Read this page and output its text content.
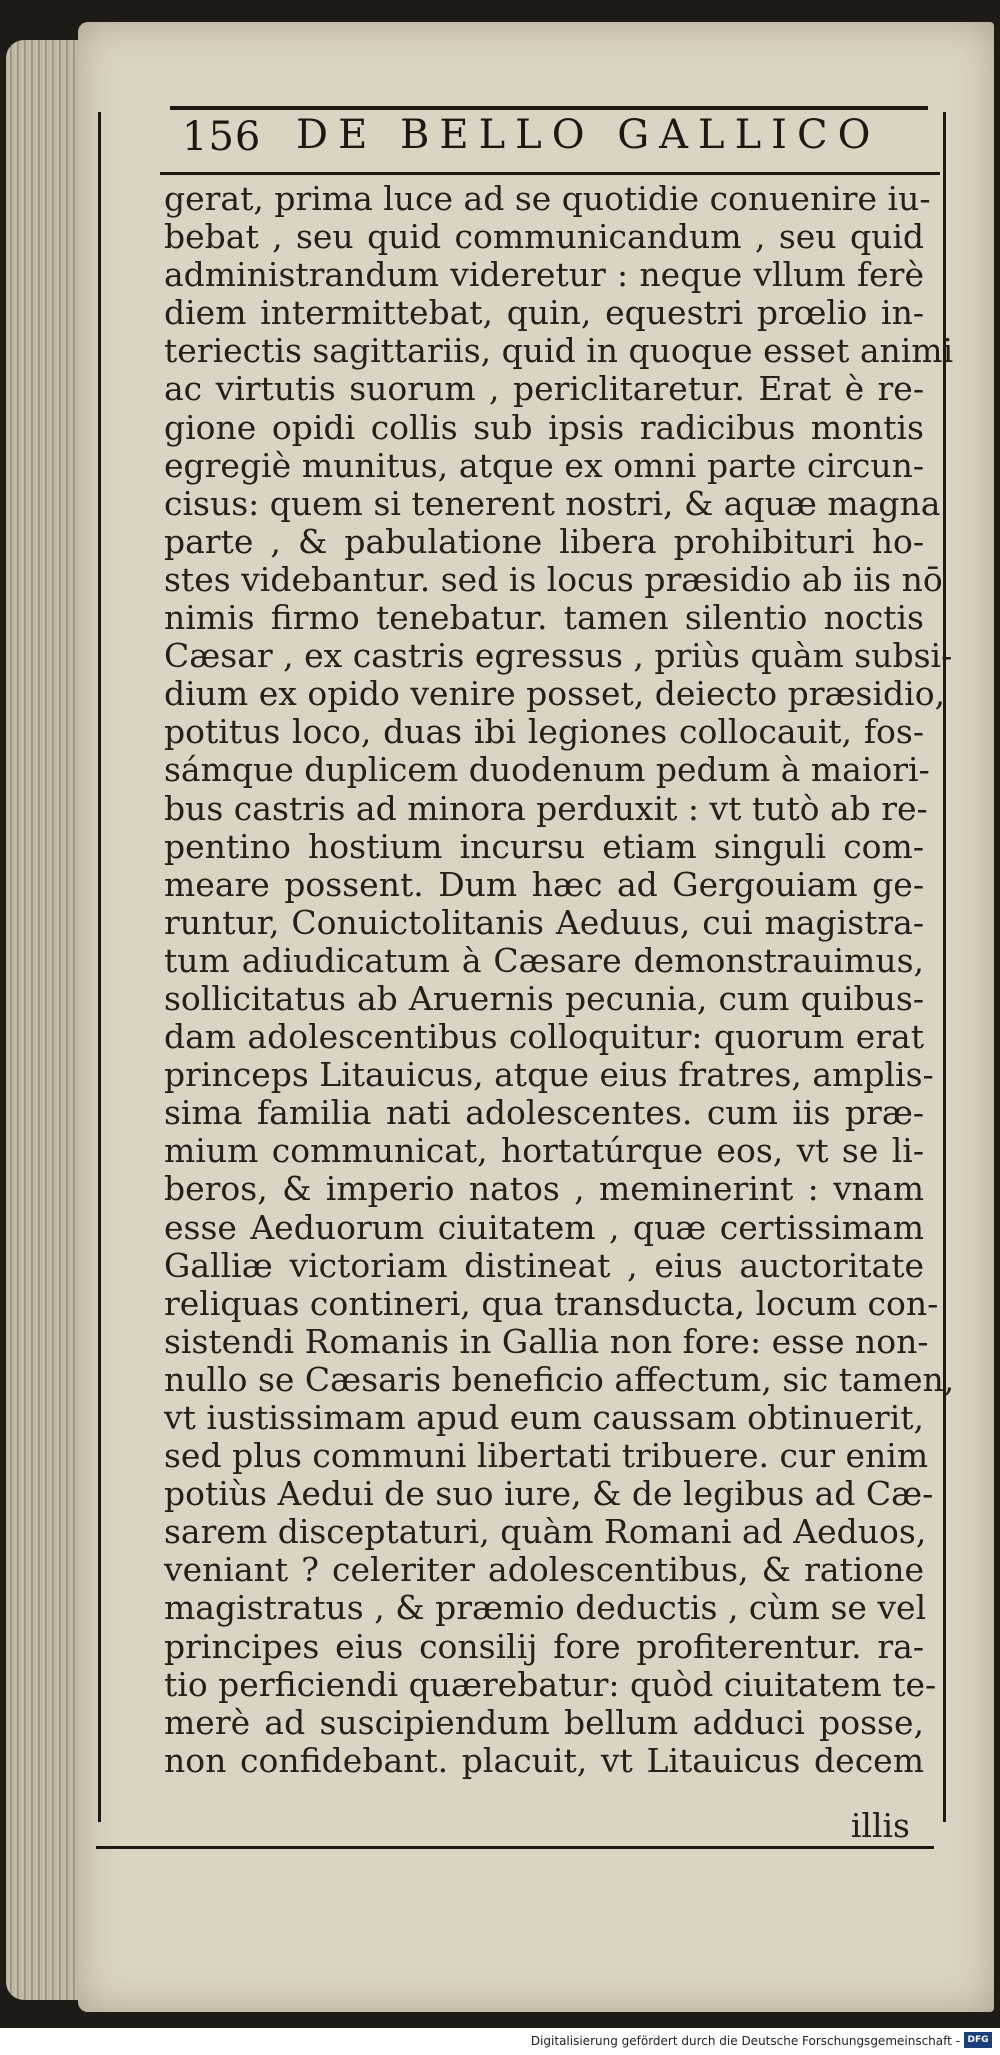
156 DE BELLO GALLICO
gerat, prima luce ad se quotidie conuenire iu-
bebat , seu quid communicandum , seu quid
administrandum videretur : neque vllum ferè
diem intermittebat, quin, equestri prœlio in-
teriectis sagittariis, quid in quoque esset animi
ac virtutis suorum , periclitaretur. Erat è re-
gione opidi collis sub ipsis radicibus montis
egregiè munitus, atque ex omni parte circun-
cisus: quem si tenerent nostri, & aquæ magna
parte , & pabulatione libera prohibituri ho-
stes videbantur. sed is locus præsidio ab iis nō
nimis firmo tenebatur. tamen silentio noctis
Cæsar , ex castris egressus , priùs quàm subsi-
dium ex opido venire posset, deiecto præsidio,
potitus loco, duas ibi legiones collocauit, fos-
sámque duplicem duodenum pedum à maiori-
bus castris ad minora perduxit : vt tutò ab re-
pentino hostium incursu etiam singuli com-
meare possent. Dum hæc ad Gergouiam ge-
runtur, Conuictolitanis Aeduus, cui magistra-
tum adiudicatum à Cæsare demonstrauimus,
sollicitatus ab Aruernis pecunia, cum quibus-
dam adolescentibus colloquitur: quorum erat
princeps Litauicus, atque eius fratres, amplis-
sima familia nati adolescentes. cum iis præ-
mium communicat, hortatúrque eos, vt se li-
beros, & imperio natos , meminerint : vnam
esse Aeduorum ciuitatem , quæ certissimam
Galliæ victoriam distineat , eius auctoritate
reliquas contineri, qua transducta, locum con-
sistendi Romanis in Gallia non fore: esse non-
nullo se Cæsaris beneficio affectum, sic tamen,
vt iustissimam apud eum caussam obtinuerit,
sed plus communi libertati tribuere. cur enim
potiùs Aedui de suo iure, & de legibus ad Cæ-
sarem disceptaturi, quàm Romani ad Aeduos,
veniant ? celeriter adolescentibus, & ratione
magistratus , & præmio deductis , cùm se vel
principes eius consilij fore profiterentur. ra-
tio perficiendi quærebatur: quòd ciuitatem te-
merè ad suscipiendum bellum adduci posse,
non confidebant. placuit, vt Litauicus decem
illis
Digitalisierung gefördert durch die Deutsche Forschungsgemeinschaft - DFG
